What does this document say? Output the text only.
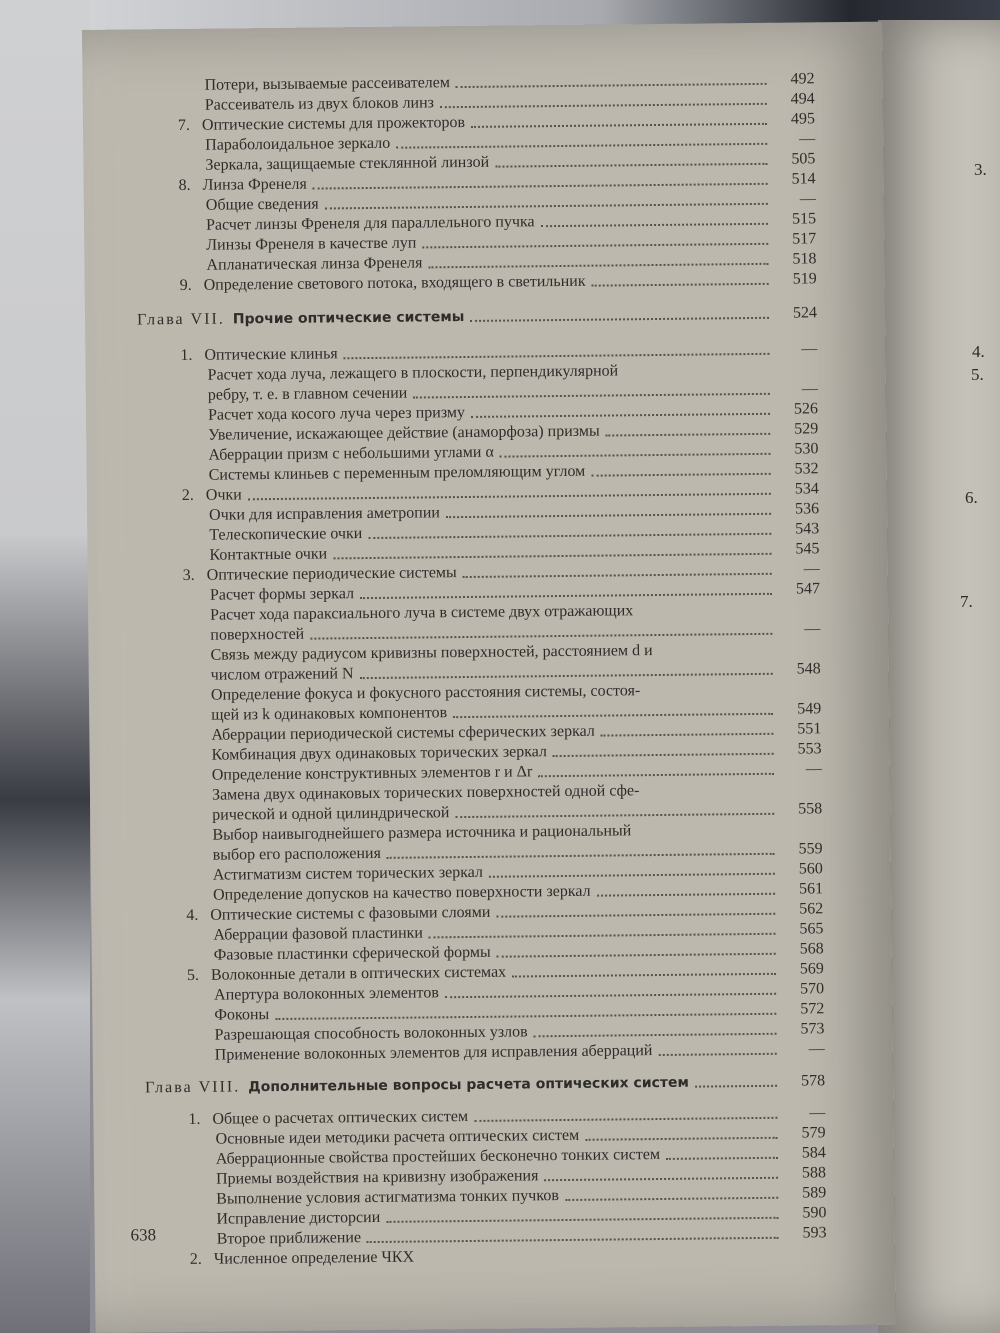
3.
4.
5.
6.
7.
Потери, вызываемые рассеивателем	492
Рассеиватель из двух блоков линз	494
7. Оптические системы для прожекторов	495
Параболоидальное зеркало	—
Зеркала, защищаемые стеклянной линзой	505
8. Линза Френеля	514
Общие сведения	—
Расчет линзы Френеля для параллельного пучка	515
Линзы Френеля в качестве луп	517
Апланатическая линза Френеля	518
9. Определение светового потока, входящего в светильник	519
Глава VII. Прочие оптические системы	524
1. Оптические клинья	—
Расчет хода луча, лежащего в плоскости, перпендикулярной
ребру, т. е. в главном сечении	—
Расчет хода косого луча через призму	526
Увеличение, искажающее действие (анаморфоза) призмы	529
Аберрации призм с небольшими углами α	530
Системы клиньев с переменным преломляющим углом	532
2. Очки	534
Очки для исправления аметропии	536
Телескопические очки	543
Контактные очки	545
3. Оптические периодические системы	—
Расчет формы зеркал	547
Расчет хода параксиального луча в системе двух отражающих
поверхностей	—
Связь между радиусом кривизны поверхностей, расстоянием d и
числом отражений N	548
Определение фокуса и фокусного расстояния системы, состоя-
щей из k одинаковых компонентов	549
Аберрации периодической системы сферических зеркал	551
Комбинация двух одинаковых торических зеркал	553
Определение конструктивных элементов r и Δr	—
Замена двух одинаковых торических поверхностей одной сфе-
рической и одной цилиндрической	558
Выбор наивыгоднейшего размера источника и рациональный
выбор его расположения	559
Астигматизм систем торических зеркал	560
Определение допусков на качество поверхности зеркал	561
4. Оптические системы с фазовыми слоями	562
Аберрации фазовой пластинки	565
Фазовые пластинки сферической формы	568
5. Волоконные детали в оптических системах	569
Апертура волоконных элементов	570
Фоконы	572
Разрешающая способность волоконных узлов	573
Применение волоконных элементов для исправления аберраций	—
Глава VIII. Дополнительные вопросы расчета оптических систем	578
1. Общее о расчетах оптических систем	—
Основные идеи методики расчета оптических систем	579
Аберрационные свойства простейших бесконечно тонких систем	584
Приемы воздействия на кривизну изображения	588
Выполнение условия астигматизма тонких пучков	589
Исправление дисторсии	590
Второе приближение	593
2. Численное определение ЧКХ
638
